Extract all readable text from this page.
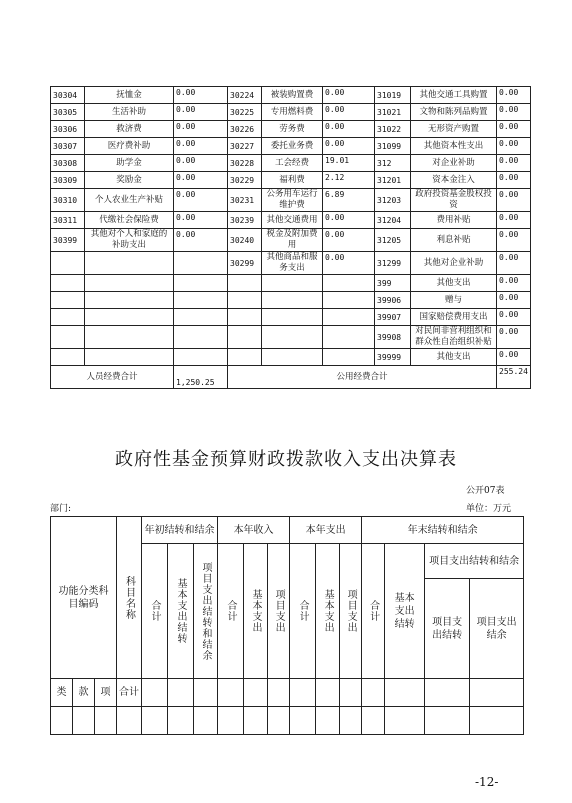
30304	抚恤金	0.00	30224	被装购置费	0.00	31019	其他交通工具购置	0.00
30305	生活补助	0.00	30225	专用燃料费	0.00	31021	文物和陈列品购置	0.00
30306	救济费	0.00	30226	劳务费	0.00	31022	无形资产购置	0.00
30307	医疗费补助	0.00	30227	委托业务费	0.00	31099	其他资本性支出	0.00
30308	助学金	0.00	30228	工会经费	19.01	312	对企业补助	0.00
30309	奖励金	0.00	30229	福利费	2.12	31201	资本金注入	0.00
30310	个人农业生产补贴	0.00	30231	公务用车运行维护费	6.89	31203	政府投资基金股权投资	0.00
30311	代缴社会保险费	0.00	30239	其他交通费用	0.00	31204	费用补贴	0.00
30399	其他对个人和家庭的补助支出	0.00	30240	税金及附加费用	0.00	31205	利息补贴	0.00
			30299	其他商品和服务支出	0.00	31299	其他对企业补助	0.00
						399	其他支出	0.00
						39906	赠与	0.00
						39907	国家赔偿费用支出	0.00
						39908	对民间非营利组织和群众性自治组织补贴	0.00
						39999	其他支出	0.00
人员经费合计		1,250.25	公用经费合计					255.24
政府性基金预算财政拨款收入支出决算表
公开07表
部门:	单位：万元
功能分类科目编码			科目名称	年初结转和结余			本年收入			本年支出			年末结转和结余			

				合计	基本支出结转	项目支出结转和结余	合计	基本支出	项目支出	合计	基本支出	项目支出	合计	基本支出结转	项目支出结转和结余	

															项目支出结转	项目支出结余

类	款	项	合计													

-12-
